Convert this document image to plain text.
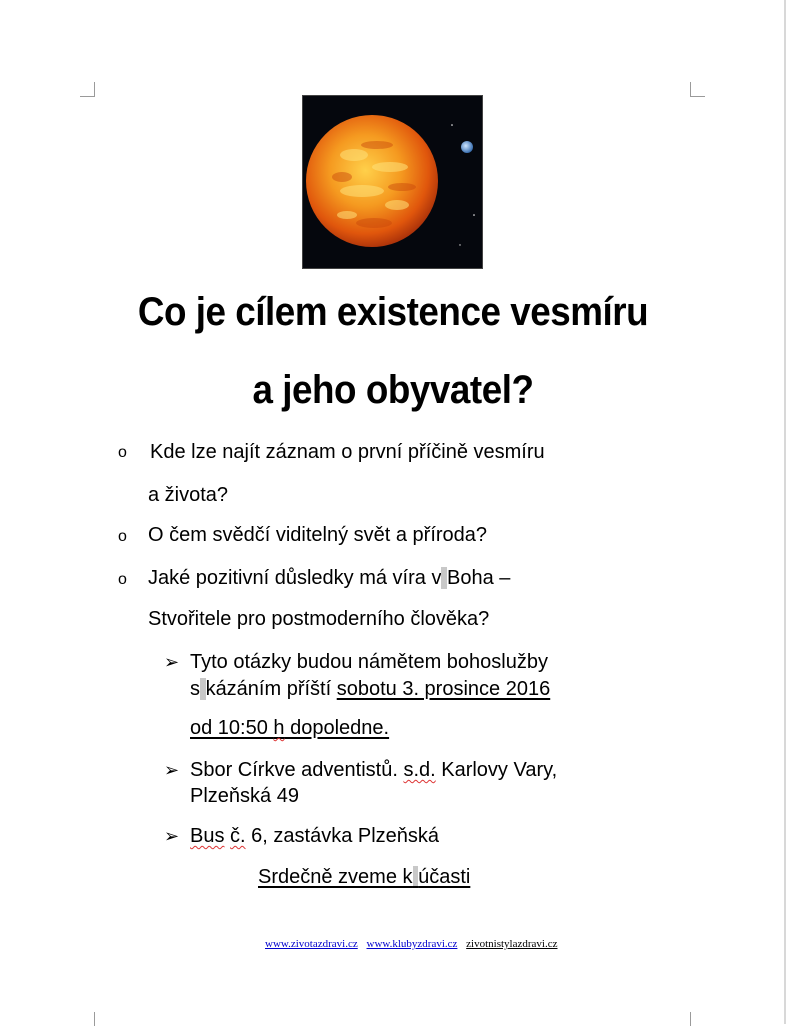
Co je cílem existence vesmíru
a jeho obyvatel?
o Kde lze najít záznam o první příčině vesmíru
a života?
o O čem svědčí viditelný svět a příroda?
o Jaké pozitivní důsledky má víra v Boha –
Stvořitele pro postmoderního člověka?
➢ Tyto otázky budou námětem bohoslužby
s kázáním příští sobotu 3. prosince 2016
od 10:50 h dopoledne.
➢ Sbor Církve adventistů. s.d. Karlovy Vary,
Plzeňská 49
➢ Bus č. 6, zastávka Plzeňská
Srdečně zveme k účasti
www.zivotazdravi.cz www.klubyzdravi.cz zivotnistylazdravi.cz
